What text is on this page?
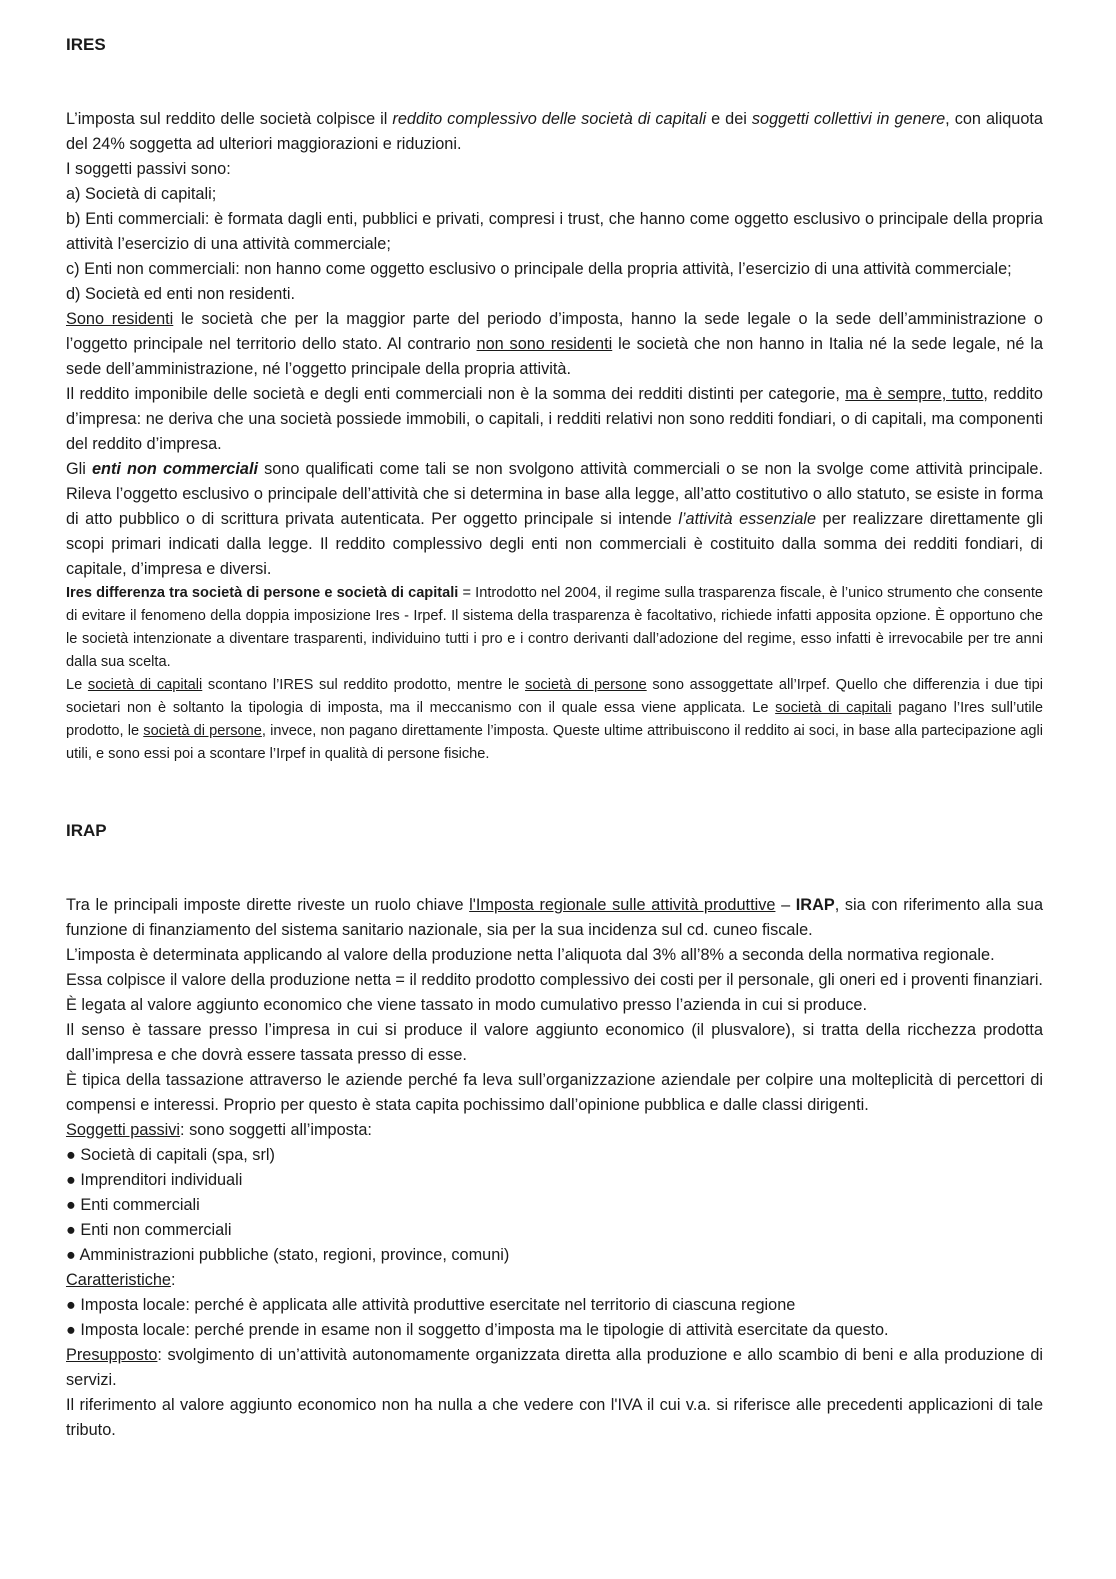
IRES

L’imposta sul reddito delle società colpisce il reddito complessivo delle società di capitali e dei soggetti collettivi in genere, con aliquota del 24% soggetta ad ulteriori maggiorazioni e riduzioni.

I soggetti passivi sono:

a) Società di capitali;

b) Enti commerciali: è formata dagli enti, pubblici e privati, compresi i trust, che hanno come oggetto esclusivo o principale della propria attività l’esercizio di una attività commerciale;

c) Enti non commerciali: non hanno come oggetto esclusivo o principale della propria attività, l’esercizio di una attività commerciale;

d) Società ed enti non residenti.

Sono residenti le società che per la maggior parte del periodo d’imposta, hanno la sede legale o la sede dell’amministrazione o l’oggetto principale nel territorio dello stato. Al contrario non sono residenti le società che non hanno in Italia né la sede legale, né la sede dell’amministrazione, né l’oggetto principale della propria attività.

Il reddito imponibile delle società e degli enti commerciali non è la somma dei redditi distinti per categorie, ma è sempre, tutto, reddito d’impresa: ne deriva che una società possiede immobili, o capitali, i redditi relativi non sono redditi fondiari, o di capitali, ma componenti del reddito d’impresa.

Gli enti non commerciali sono qualificati come tali se non svolgono attività commerciali o se non la svolge come attività principale. Rileva l’oggetto esclusivo o principale dell’attività che si determina in base alla legge, all’atto costitutivo o allo statuto, se esiste in forma di atto pubblico o di scrittura privata autenticata. Per oggetto principale si intende l’attività essenziale per realizzare direttamente gli scopi primari indicati dalla legge. Il reddito complessivo degli enti non commerciali è costituito dalla somma dei redditi fondiari, di capitale, d’impresa e diversi.

Ires differenza tra società di persone e società di capitali = Introdotto nel 2004, il regime sulla trasparenza fiscale, è l’unico strumento che consente di evitare il fenomeno della doppia imposizione Ires - Irpef. Il sistema della trasparenza è facoltativo, richiede infatti apposita opzione. È opportuno che le società intenzionate a diventare trasparenti, individuino tutti i pro e i contro derivanti dall’adozione del regime, esso infatti è irrevocabile per tre anni dalla sua scelta.

Le società di capitali scontano l’IRES sul reddito prodotto, mentre le società di persone sono assoggettate all’Irpef. Quello che differenzia i due tipi societari non è soltanto la tipologia di imposta, ma il meccanismo con il quale essa viene applicata. Le società di capitali pagano l’Ires sull’utile prodotto, le società di persone, invece, non pagano direttamente l’imposta. Queste ultime attribuiscono il reddito ai soci, in base alla partecipazione agli utili, e sono essi poi a scontare l’Irpef in qualità di persone fisiche.

IRAP

Tra le principali imposte dirette riveste un ruolo chiave l'Imposta regionale sulle attività produttive – IRAP, sia con riferimento alla sua funzione di finanziamento del sistema sanitario nazionale, sia per la sua incidenza sul cd. cuneo fiscale.

L’imposta è determinata applicando al valore della produzione netta l’aliquota dal 3% all’8% a seconda della normativa regionale.

Essa colpisce il valore della produzione netta = il reddito prodotto complessivo dei costi per il personale, gli oneri ed i proventi finanziari.

È legata al valore aggiunto economico che viene tassato in modo cumulativo presso l’azienda in cui si produce.

Il senso è tassare presso l’impresa in cui si produce il valore aggiunto economico (il plusvalore), si tratta della ricchezza prodotta dall’impresa e che dovrà essere tassata presso di esse.

È tipica della tassazione attraverso le aziende perché fa leva sull’organizzazione aziendale per colpire una molteplicità di percettori di compensi e interessi. Proprio per questo è stata capita pochissimo dall’opinione pubblica e dalle classi dirigenti.

Soggetti passivi: sono soggetti all’imposta:

● Società di capitali (spa, srl)

● Imprenditori individuali

● Enti commerciali

● Enti non commerciali

● Amministrazioni pubbliche (stato, regioni, province, comuni)

Caratteristiche:

● Imposta locale: perché è applicata alle attività produttive esercitate nel territorio di ciascuna regione

● Imposta locale: perché prende in esame non il soggetto d’imposta ma le tipologie di attività esercitate da questo.

Presupposto: svolgimento di un’attività autonomamente organizzata diretta alla produzione e allo scambio di beni e alla produzione di servizi.

Il riferimento al valore aggiunto economico non ha nulla a che vedere con l'IVA il cui v.a. si riferisce alle precedenti applicazioni di tale tributo.
